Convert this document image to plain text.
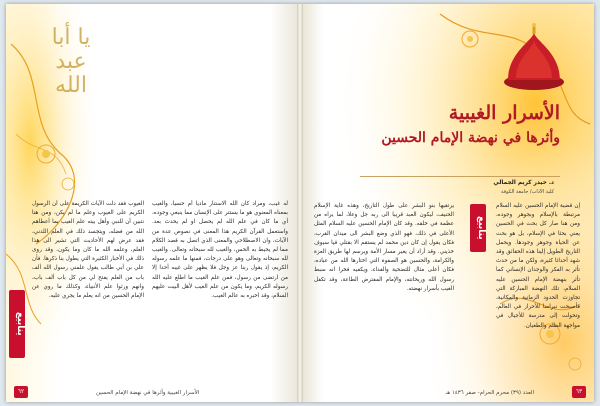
يا أبا عبد الله
ينابيع

الغيوب فقد دلت الآيات الكريمة على أن الرسول الكريم على الغيوب وعلم ما لم يكن، ومن هنا نتبين أن للنبي وأهل بيته علم الغيب بما أعطاهم الله من فضله، ويتجسد ذلك في العلم اللدني، فقد عرض لهم الأحاديث التي تشير الى هذا العلم، وعلمه الله ما كان وما يكون، وقد روى ذلك في الأخبار الكثيرة التي يطول بنا ذكرها. فأن علي بن أبي طالب يقول علمني رسول الله ألف باب من العلم يفتح لي من كل باب ألف باب، وانهم ورثوا علم الأنبياء، وكذلك ما روي عن الإمام الحسين من انه يعلم ما يجري عليه.

له غيب، ومراد كان الله الاستنار ماديا أم حسيا، والغيب بمعناه المعنوي هو ما يستتر على الإنسان مما ينبغي وجوده، أي ما كان في علم الله لم يحصل او لم يحدث بعد. واستعمل القرآن الكريم هذا المعنى في نصوص عدة من الآيات، وان الاصطلاحي والمعنى الذي اتصل به قصد الكلام مما لم يحيط به الحس، والغيب لله سبحانه وتعالى. والغيب لله سبحانه وتعالى وهو على درجات، فمنها ما علمه رسوله الكريم، إذ يقول ربنا عز وجل فلا يظهر على غيبه أحدا إلا من ارتضى من رسول، فمن علم الغيب ما اطلع عليه الله رسوله الكريم، وما يكون من علم الغيب لأهل البيت عليهم السلام، وقد اخبره به عالم الغيب.

٦٢	الأسرار الغيبية وأثرها في نهضة الإمام الحسين
الأسرار الغيبية
وأثرها في نهضة الإمام الحسين
د. حيدر كريم الجمالي
كلية الآداب/ جامعة الكوفة
ينابيع

يرتقيها بنو البشر على طول التاريخ، وهذه غاية الإسلام الحنيف، ليكون العبد قريبا الى ربه جل وعلا، لما يراه من عظمة في خلقه. وقد كان الإمام الحسين عليه السلام المثل الأعلى في ذلك، فهو الذي وضع البشر الى ميدان القرب، فكان يقول إن كان دين محمد لم يستقم الا بقتلي فيا سيوف خذيني. وقد أراد أن يغير مسار الأمة ويرسم لها طريق العزة والكرامة، والحسين هو الصفوة التي اختارها الله من عباده، فكان أعلى مثال للتضحية والفداء، ويكفيه فخرا انه سبط رسول الله وريحانته، والإمام المفترض الطاعة، وقد تكفل الغيب بأسرار نهضته.

إن قضية الإمام الحسين عليه السلام مرتبطة بالإسلام وبجوهر وجوده، ومن هنا صار كل بحث في الحسين يعني بحثا في الإسلام، بل هو بحث عن الحياة وجوهر وجودها. ويحمل التاريخ الطويل إلينا هذه الحقائق وقد شهد أحداثا كثيرة، ولكن ما من حدث تأثر به الفكر والوجدان الإنساني كما تأثر بنهضة الإمام الحسين عليه السلام، تلك النهضة المباركة التي تجاوزت الحدود الزمانية والمكانية، فأصبحت نبراسا للأحرار في العالم، وتحولت إلى مدرسة للأجيال في مواجهة الظلم والطغيان.

العدد (٣٩) محرم الحرام- صفر ١٤٣٦ هـ	٦٣
